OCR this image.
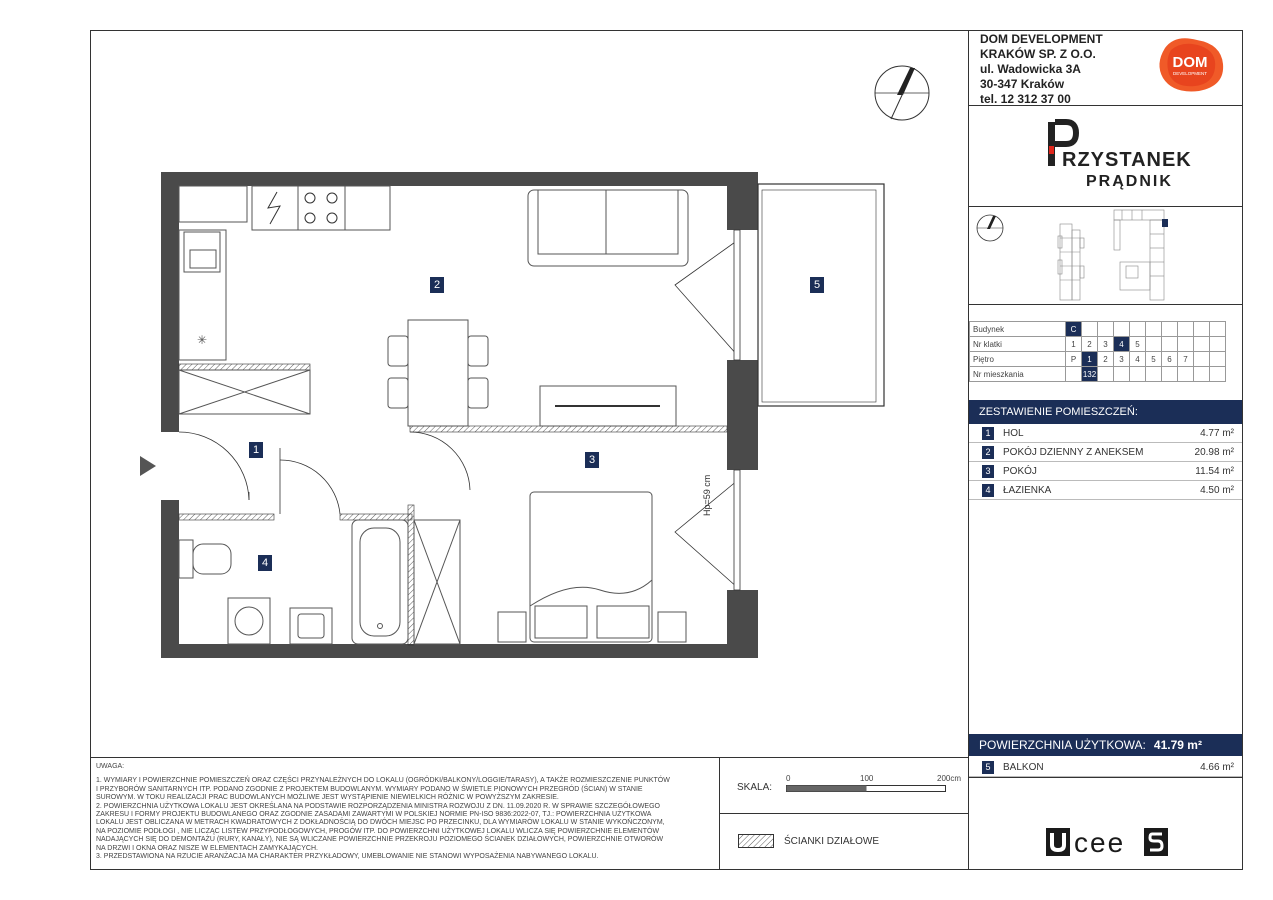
DOM DEVELOPMENT
KRAKÓW SP. Z O.O.
ul. Wadowicka 3A
30-347 Kraków
tel. 12 312 37 00
DOM
DEVELOPMENT
RZYSTANEK
PRĄDNIK
Budynek	C									
Nr klatki	1	2	3	4	5					
Piętro	P	1	2	3	4	5	6	7		
Nr mieszkania		132								
ZESTAWIENIE POMIESZCZEŃ:
1	HOL	4.77 m²
2	POKÓJ DZIENNY Z ANEKSEM	20.98 m²
3	POKÓJ	11.54 m²
4	ŁAZIENKA	4.50 m²
POWIERZCHNIA UŻYTKOWA: 41.79 m²
5	BALKON	4.66 m²
✳
Hp=59 cm
1
2
3
4
5
UWAGA:
1. WYMIARY I POWIERZCHNIE POMIESZCZEŃ ORAZ CZĘŚCI PRZYNALEŻNYCH DO LOKALU (OGRÓDKI/BALKONY/LOGGIE/TARASY), A TAKŻE ROZMIESZCZENIE PUNKTÓW
I PRZYBORÓW SANITARNYCH ITP. PODANO ZGODNIE Z PROJEKTEM BUDOWLANYM. WYMIARY PODANO W ŚWIETLE PIONOWYCH PRZEGRÓD (ŚCIAN) W STANIE
SUROWYM. W TOKU REALIZACJI PRAC BUDOWLANYCH MOŻLIWE JEST WYSTĄPIENIE NIEWIELKICH RÓŻNIC W POWYŻSZYM ZAKRESIE.
2. POWIERZCHNIA UŻYTKOWA LOKALU JEST OKREŚLANA NA PODSTAWIE ROZPORZĄDZENIA MINISTRA ROZWOJU Z DN. 11.09.2020 R. W SPRAWIE SZCZEGÓŁOWEGO
ZAKRESU I FORMY PROJEKTU BUDOWLANEGO ORAZ ZGODNIE ZASADAMI ZAWARTYMI W POLSKIEJ NORMIE PN-ISO 9836:2022-07, TJ.: POWIERZCHNIA UŻYTKOWA
LOKALU JEST OBLICZANA W METRACH KWADRATOWYCH Z DOKŁADNOŚCIĄ DO DWÓCH MIEJSC PO PRZECINKU, DLA WYMIARÓW LOKALU W STANIE WYKOŃCZONYM,
NA POZIOMIE PODŁOGI , NIE LICZĄC LISTEW PRZYPODŁOGOWYCH, PROGÓW ITP. DO POWIERZCHNI UŻYTKOWEJ LOKALU WLICZA SIĘ POWIERZCHNIE ELEMENTÓW
NADAJĄCYCH SIĘ DO DEMONTAŻU (RURY, KANAŁY), NIE SĄ WLICZANE POWIERZCHNIE PRZEKROJU POZIOMEGO ŚCIANEK DZIAŁOWYCH, POWIERZCHNIE OTWORÓW
NA DRZWI I OKNA ORAZ NISZE W ELEMENTACH ZAMYKAJĄCYCH.
3. PRZEDSTAWIONA NA RZUCIE ARANŻACJA MA CHARAKTER PRZYKŁADOWY, UMEBLOWANIE NIE STANOWI WYPOSAŻENIA NABYWANEGO LOKALU.
SKALA:
0	100	200cm
ŚCIANKI DZIAŁOWE	cee
